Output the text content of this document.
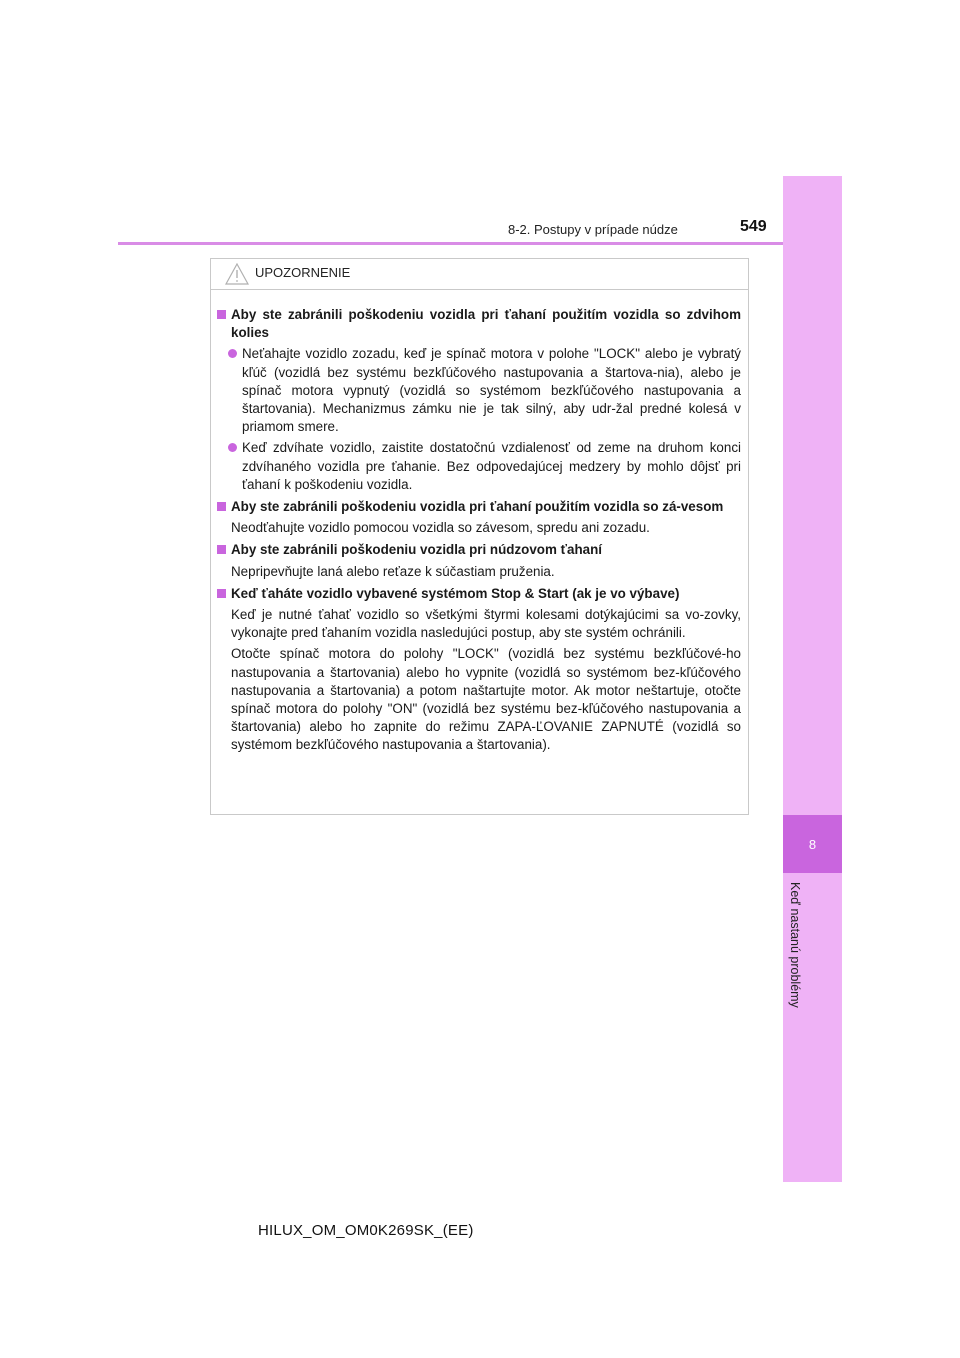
8-2. Postupy v prípade núdze	549
8
Keď nastanú problémy
UPOZORNENIE
Aby ste zabránili poškodeniu vozidla pri ťahaní použitím vozidla so zdvihom kolies
Neťahajte vozidlo zozadu, keď je spínač motora v polohe "LOCK" alebo je vybratý kľúč (vozidlá bez systému bezkľúčového nastupovania a štartova-nia), alebo je spínač motora vypnutý (vozidlá so systémom bezkľúčového nastupovania a štartovania). Mechanizmus zámku nie je tak silný, aby udr-žal predné kolesá v priamom smere.
Keď zdvíhate vozidlo, zaistite dostatočnú vzdialenosť od zeme na druhom konci zdvíhaného vozidla pre ťahanie. Bez odpovedajúcej medzery by mohlo dôjsť pri ťahaní k poškodeniu vozidla.
Aby ste zabránili poškodeniu vozidla pri ťahaní použitím vozidla so zá-vesom
Neodťahujte vozidlo pomocou vozidla so závesom, spredu ani zozadu.
Aby ste zabránili poškodeniu vozidla pri núdzovom ťahaní
Nepripevňujte laná alebo reťaze k súčastiam pruženia.
Keď ťaháte vozidlo vybavené systémom Stop & Start (ak je vo výbave)
Keď je nutné ťahať vozidlo so všetkými štyrmi kolesami dotýkajúcimi sa vo-zovky, vykonajte pred ťahaním vozidla nasledujúci postup, aby ste systém ochránili.
Otočte spínač motora do polohy "LOCK" (vozidlá bez systému bezkľúčové-ho nastupovania a štartovania) alebo ho vypnite (vozidlá so systémom bez-kľúčového nastupovania a štartovania) a potom naštartujte motor. Ak motor neštartuje, otočte spínač motora do polohy "ON" (vozidlá bez systému bez-kľúčového nastupovania a štartovania) alebo ho zapnite do režimu ZAPA-ĽOVANIE ZAPNUTÉ (vozidlá so systémom bezkľúčového nastupovania a štartovania).
HILUX_OM_OM0K269SK_(EE)
